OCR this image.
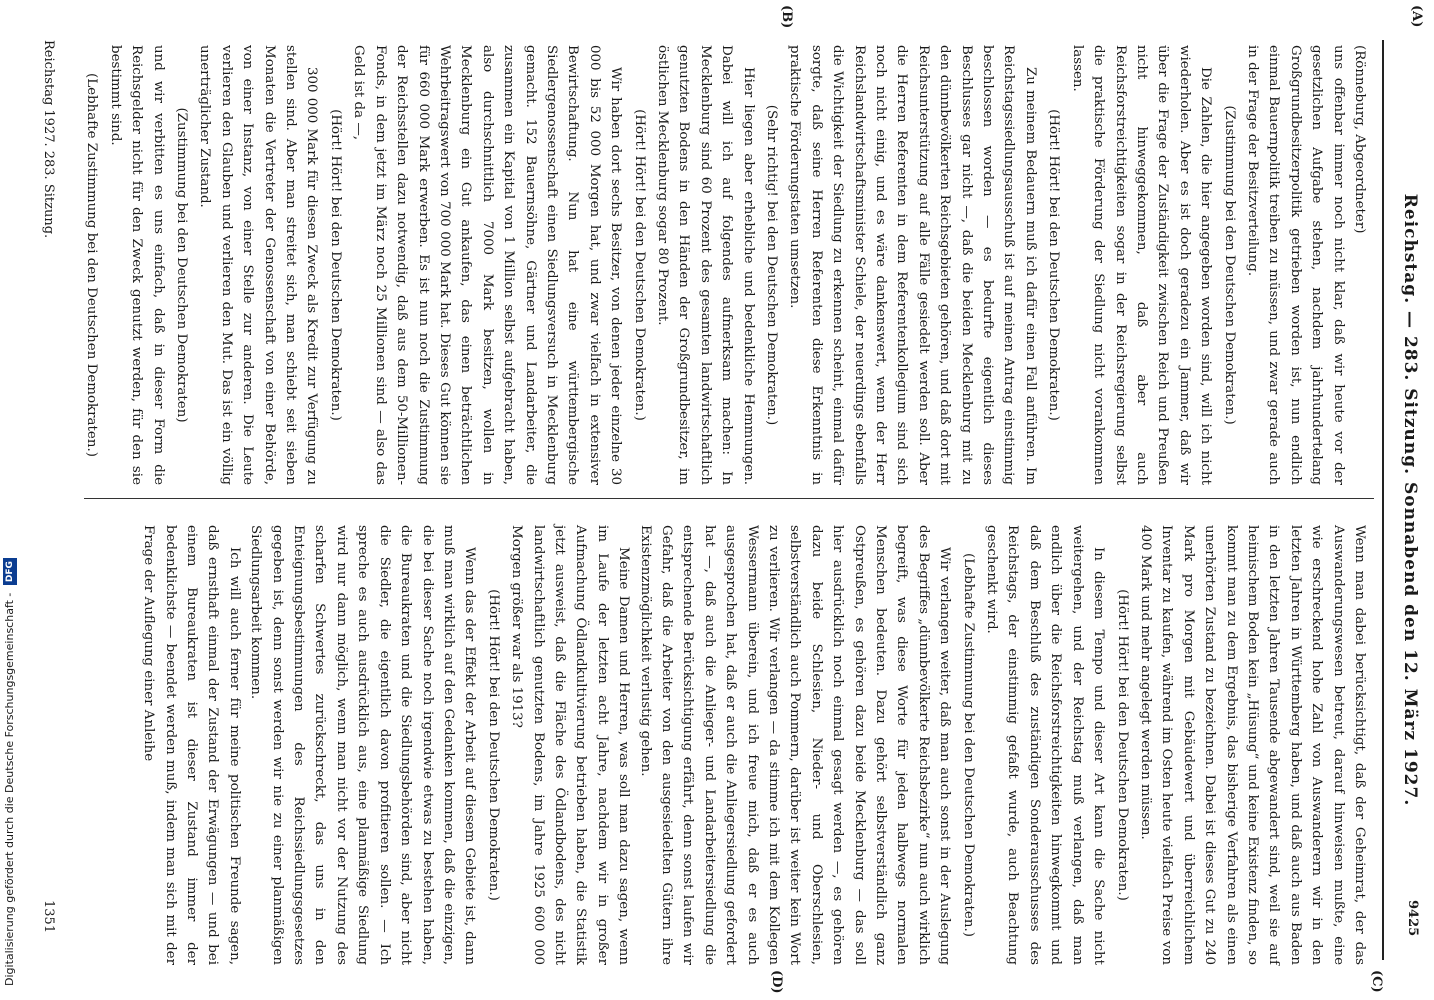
Reichstag. — 283. Sitzung. Sonnabend den 12. März 1927.
(A)
(B)
(C)
(D)
9425

(Rönneburg, Abgeordneter)

uns offenbar immer noch nicht klar, daß wir heute vor der gesetzlichen Aufgabe stehen, nachdem jahrhundertelang Großgrundbesitzerpolitik getrieben worden ist, nun endlich einmal Bauernpolitik treiben zu müssen, und zwar gerade auch in der Frage der Besitzverteilung.

(Zustimmung bei den Deutschen Demokraten.)

Die Zahlen, die hier angegeben worden sind, will ich nicht wiederholen. Aber es ist doch geradezu ein Jammer, daß wir über die Frage der Zuständigkeit zwischen Reich und Preußen nicht hinweggekommen, daß aber auch Reichsforstreichtigkeiten sogar in der Reichsregierung selbst die praktische Förderung der Siedlung nicht vorankommen lassen.

(Hört! Hört! bei den Deutschen Demokraten.)

Zu meinem Bedauern muß ich dafür einen Fall anführen. Im Reichstagssiedlungsausschuß ist auf meinen Antrag einstimmig beschlossen worden — es bedurfte eigentlich dieses Beschlusses gar nicht —, daß die beiden Mecklenburg mit zu den dünnbevölkerten Reichsgebieten gehören, und daß dort mit Reichsunterstützung auf alle Fälle gesiedelt werden soll. Aber die Herren Referenten in dem Referentenkollegium sind sich noch nicht einig, und es wäre dankenswert, wenn der Herr Reichslandwirtschaftsminister Schiele, der neuerdings ebenfalls die Wichtigkeit der Siedlung zu erkennen scheint, einmal dafür sorgte, daß seine Herren Referenten diese Erkenntnis in praktische Förderungstaten umsetzen.

(Sehr richtig! bei den Deutschen Demokraten.)

Hier liegen aber erhebliche und bedenkliche Hemmungen. Dabei will ich auf folgendes aufmerksam machen: In Mecklenburg sind 60 Prozent des gesamten landwirtschaftlich genutzten Bodens in den Händen der Großgrundbesitzer, im östlichen Mecklenburg sogar 80 Prozent.

(Hört! Hört! bei den Deutschen Demokraten.)

Wir haben dort sechs Besitzer, von denen jeder einzelne 30 000 bis 52 000 Morgen hat, und zwar vielfach in extensiver Bewirtschaftung. Nun hat eine württembergische Siedlergenossenschaft einen Siedlungsversuch in Mecklenburg gemacht. 152 Bauernsöhne, Gärtner und Landarbeiter, die zusammen ein Kapital von 1 Million selbst aufgebracht haben, also durchschnittlich 7000 Mark besitzen, wollen in Mecklenburg ein Gut ankaufen, das einen beträchtlichen Wehrbeitragswert von 700 000 Mark hat. Dieses Gut können sie für 660 000 Mark erwerben. Es ist nun noch die Zustimmung der Reichsstellen dazu notwendig, daß aus dem 50-Millionen-Fonds, in dem jetzt im März noch 25 Millionen sind — also das Geld ist da —,

(Hört! Hört! bei den Deutschen Demokraten.)

300 000 Mark für diesen Zweck als Kredit zur Verfügung zu stellen sind. Aber man streitet sich, man schiebt seit sieben Monaten die Vertreter der Genossenschaft von einer Behörde, von einer Instanz, von einer Stelle zur anderen. Die Leute verlieren den Glauben und verlieren den Mut. Das ist ein völlig unerträglicher Zustand.

(Zustimmung bei den Deutschen Demokraten)

und wir verbitten es uns einfach, daß in dieser Form die Reichsgelder nicht für den Zweck genutzt werden, für den sie bestimmt sind.

(Lebhafte Zustimmung bei den Deutschen Demokraten.)

Wenn man dabei berücksichtigt, daß der Geheimrat, der das Auswanderungswesen betreut, darauf hinweisen mußte, eine wie erschreckend hohe Zahl von Auswanderern wir in den letzten Jahren in Württemberg haben, und daß auch aus Baden in den letzten Jahren Tausende abgewandert sind, weil sie auf heimischem Boden kein „Hüsung“ und keine Existenz finden, so kommt man zu dem Ergebnis, das bisherige Verfahren als einen unerhörten Zustand zu bezeichnen. Dabei ist dieses Gut zu 240 Mark pro Morgen mit Gebäudewert und überreichlichem Inventar zu kaufen, während im Osten heute vielfach Preise von 400 Mark und mehr angelegt werden müssen.

(Hört! Hört! bei den Deutschen Demokraten.)

In diesem Tempo und dieser Art kann die Sache nicht weitergehen, und der Reichstag muß verlangen, daß man endlich über die Reichsforstreichtigkeiten hinwegkommt und daß dem Beschluß des zuständigen Sonderausschusses des Reichstags, der einstimmig gefaßt wurde, auch Beachtung geschenkt wird.

(Lebhafte Zustimmung bei den Deutschen Demokraten.)

Wir verlangen weiter, daß man auch sonst in der Auslegung des Begriffes „dünnbevölkerte Reichsbezirke“ nun auch wirklich begreift, was diese Worte für jeden halbwegs normalen Menschen bedeuten. Dazu gehört selbstverständlich ganz Ostpreußen, es gehören dazu beide Mecklenburg — das soll hier ausdrücklich noch einmal gesagt werden —, es gehören dazu beide Schlesien, Nieder- und Oberschlesien, selbstverständlich auch Pommern, darüber ist weiter kein Wort zu verlieren. Wir verlangen — da stimme ich mit dem Kollegen Wessermann überein, und ich freue mich, daß er es auch ausgesprochen hat, daß er auch die Anliegersiedlung gefordert hat —, daß auch die Anlieger- und Landarbeitersiedlung die entsprechende Berücksichtigung erfährt, denn sonst laufen wir Gefahr, daß die Arbeiter von den ausgesiedelten Gütern ihre Existenzmöglichkeit verlustig gehen.

Meine Damen und Herren, was soll man dazu sagen, wenn im Laufe der letzten acht Jahre, nachdem wir in großer Aufmachung Ödlandkultivierung betrieben haben, die Statistik jetzt ausweist, daß die Fläche des Ödlandbodens, des nicht landwirtschaftlich genutzten Bodens, im Jahre 1925 600 000 Morgen größer war als 1913?

(Hört! Hört! bei den Deutschen Demokraten.)

Wenn das der Effekt der Arbeit auf diesem Gebiete ist, dann muß man wirklich auf den Gedanken kommen, daß die einzigen, die bei dieser Sache noch irgendwie etwas zu bestehen haben, die Bureaukraten und die Siedlungsbehörden sind, aber nicht die Siedler, die eigentlich davon profitieren sollen. — Ich spreche es auch ausdrücklich aus, eine planmäßige Siedlung wird nur dann möglich, wenn man nicht vor der Nutzung des scharfen Schwertes zurückschreckt, das uns in den Enteignungsbestimmungen des Reichssiedlungsgesetzes gegeben ist, denn sonst werden wir nie zu einer planmäßigen Siedlungsarbeit kommen.

Ich will auch ferner für meine politischen Freunde sagen, daß ernsthaft einmal der Zustand der Erwägungen — und bei einem Bureaukraten ist dieser Zustand immer der bedenklichste — beendet werden muß, indem man sich mit der Frage der Auflegung einer Anleihe

Reichstag 1927. 283. Sitzung.
1351
Digitalisierung gefördert durch die Deutsche Forschungsgemeinschaft - DFG
